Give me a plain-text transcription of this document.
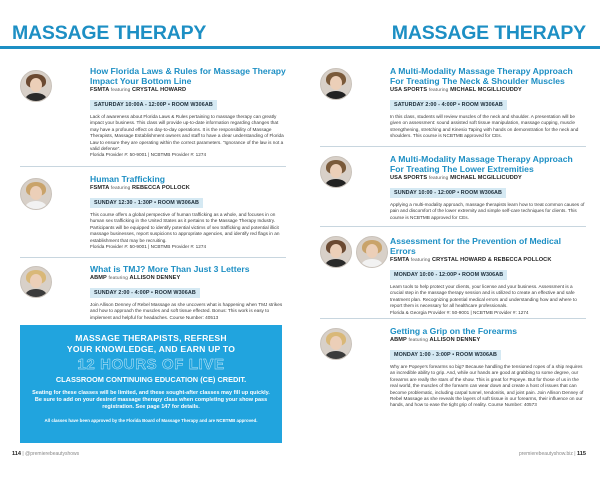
MASSAGE THERAPY
How Florida Laws & Rules for Massage Therapy Impact Your Bottom Line
FSMTA featuring CRYSTAL HOWARD
SATURDAY 10:00A - 12:00P • ROOM W306AB
Lack of awareness about Florida Laws & Rules pertaining to massage therapy can greatly impact your business. This class will provide up-to-date information regarding changes that may have a profound effect on day-to-day operations. It is the responsibility of Massage Therapists, Massage Establishment owners and staff to have a clear understanding of Florida Law to ensure they are operating within the correct parameters. "Ignorance of the law is not a valid defense".
Florida Provider #: 50-9001 | NCBTMB Provider #: 1274
Human Trafficking
FSMTA featuring REBECCA POLLOCK
SUNDAY 12:30 - 1:30P • ROOM W306AB
This course offers a global perspective of human trafficking as a whole, and focuses in on human sex trafficking in the United States as it pertains to the Massage Therapy Industry. Participants will be equipped to identify potential victims of sex trafficking and potential illicit massage businesses, report suspicions to appropriate agencies, and identify red flags in an establishment that may be recruiting.
Florida Provider #: 50-9001 | NCBTMB Provider #: 1274
What is TMJ? More Than Just 3 Letters
ABMP featuring ALLISON DENNEY
SUNDAY 2:00 - 4:00P • ROOM W306AB
Join Allison Denney of Rebel Massage as she uncovers what is happening when TMJ strikes and how to approach the muscles and soft tissue effected. Bonus: This work is easy to implement and helpful for headaches. Course Number: 40513
MASSAGE THERAPISTS, REFRESH
YOUR KNOWLEDGE, AND EARN UP TO
12 HOURS OF LIVE
CLASSROOM CONTINUING EDUCATION (CE) CREDIT.
Seating for these classes will be limited, and these sought-after classes may fill up quickly. Be sure to add on your desired massage therapy class when completing your show pass registration. See page 147 for details.
All classes have been approved by the Florida Board of Massage Therapy and are NCBTMB approved.
114 | @premierebeautyshows
MASSAGE THERAPY
A Multi-Modality Massage Therapy Approach For Treating The Neck & Shoulder Muscles
USA SPORTS featuring MICHAEL MCGILLICUDDY
SATURDAY 2:00 - 4:00P • ROOM W306AB
In this class, students will review muscles of the neck and shoulder. A presentation will be given on assessment: sound assisted soft tissue manipulation, massage cupping, muscle strengthening, stretching and Kinesio Taping with hands on demonstration for the neck and shoulders. This course is NCBTMB approved for CEs.
A Multi-Modality Massage Therapy Approach For Treating The Lower Extremities
USA SPORTS featuring MICHAEL MCGILLICUDDY
SUNDAY 10:00 - 12:00P • ROOM W306AB
Applying a multi-modality approach, massage therapists learn how to treat common causes of pain and discomfort of the lower extremity and simple self-care techniques for clients. This course is NCBTMB approved for CEs.
Assessment for the Prevention of Medical Errors
FSMTA featuring CRYSTAL HOWARD & REBECCA POLLOCK
MONDAY 10:00 - 12:00P • ROOM W306AB
Learn tools to help protect your clients, your license and your business. Assessment is a crucial step in the massage therapy session and is utilized to create an effective and safe treatment plan. Recognizing potential medical errors and understanding how and where to report them is necessary for all healthcare professionals.
Florida & Georgia Provider #: 50-9001 | NCBTMB Provider #: 1274
Getting a Grip on the Forearms
ABMP featuring ALLISON DENNEY
MONDAY 1:00 - 3:00P • ROOM W306AB
Why are Popeye's forearms so big? Because handling the tensioned ropes of a ship requires an incredible ability to grip. And, while our hands are good at grabbing to some degree, our forearms are really the stars of the show. This is great for Popeye. But for those of us in the real world, the muscles of the forearm can wear down and create a host of issues that can become problematic, including carpal tunnel, tendonitis, and joint pain. Join Allison Denney of Rebel Massage as she reveals the layers of soft tissue in our forearms, their influence on our hands, and how to ease the tight grip of reality. Course Number: 40573
premierebeautyshow.biz | 115
